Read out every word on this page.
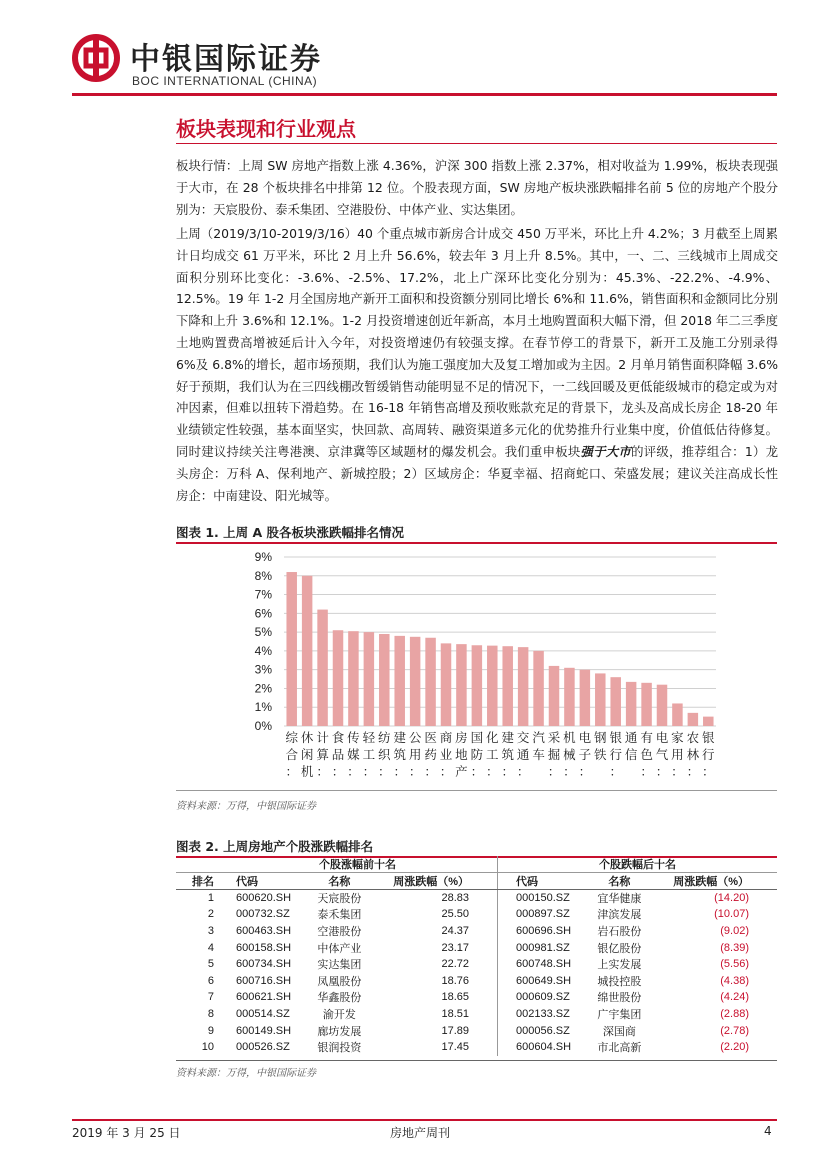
中银国际证券
BOC INTERNATIONAL (CHINA)
板块表现和行业观点

板块行情：上周 SW 房地产指数上涨 4.36%，沪深 300 指数上涨 2.37%，相对收益为 1.99%，板块表现强于大市，在 28 个板块排名中排第 12 位。个股表现方面，SW 房地产板块涨跌幅排名前 5 位的房地产个股分别为：天宸股份、泰禾集团、空港股份、中体产业、实达集团。

上周（2019/3/10-2019/3/16）40 个重点城市新房合计成交 450 万平米，环比上升 4.2%；3 月截至上周累计日均成交 61 万平米，环比 2 月上升 56.6%，较去年 3 月上升 8.5%。其中，一、二、三线城市上周成交面积分别环比变化：-3.6%、-2.5%、17.2%，北上广深环比变化分别为：45.3%、-22.2%、-4.9%、12.5%。19 年 1-2 月全国房地产新开工面积和投资额分别同比增长 6%和 11.6%，销售面积和金额同比分别下降和上升 3.6%和 12.1%。1-2 月投资增速创近年新高，本月土地购置面积大幅下滑，但 2018 年二三季度土地购置费高增被延后计入今年，对投资增速仍有较强支撑。在春节停工的背景下，新开工及施工分别录得 6%及 6.8%的增长，超市场预期，我们认为施工强度加大及复工增加或为主因。2 月单月销售面积降幅 3.6%好于预期，我们认为在三四线棚改暂缓销售动能明显不足的情况下，一二线回暖及更低能级城市的稳定或为对冲因素，但难以扭转下滑趋势。在 16-18 年销售高增及预收账款充足的背景下，龙头及高成长房企 18-20 年业绩锁定性较强，基本面坚实，快回款、高周转、融资渠道多元化的优势推升行业集中度，价值低估待修复。同时建议持续关注粤港澳、京津冀等区域题材的爆发机会。我们重申板块强于大市的评级，推荐组合：1）龙头房企：万科 A、保利地产、新城控股；2）区域房企：华夏幸福、招商蛇口、荣盛发展；建议关注高成长性房企：中南建设、阳光城等。

图表 1. 上周 A 股各板块涨跌幅排名情况
0%
1%
2%
3%
4%
5%
6%
7%
8%
9%
综
合
：
休
闲
机
计
算
：
食
品
：
传
媒
：
轻
工
：
纺
织
：
建
筑
：
公
用
：
医
药
：
商
业
：
房
地
产
国
防
：
化
工
：
建
筑
：
交
通
：
汽
车
采
掘
：
机
械
：
电
子
：
钢
铁
银
行
：
通
信
有
色
：
电
气
：
家
用
：
农
林
：
银
行
：
资料来源：万得，中银国际证券
图表 2. 上周房地产个股涨跌幅排名
	个股涨幅前十名			个股跌幅后十名		
排名	代码	名称	周涨跌幅（%）	代码	名称	周涨跌幅（%）
1	600620.SH	天宸股份	28.83	000150.SZ	宜华健康	(14.20)
2	000732.SZ	泰禾集团	25.50	000897.SZ	津滨发展	(10.07)
3	600463.SH	空港股份	24.37	600696.SH	岩石股份	(9.02)
4	600158.SH	中体产业	23.17	000981.SZ	银亿股份	(8.39)
5	600734.SH	实达集团	22.72	600748.SH	上实发展	(5.56)
6	600716.SH	凤凰股份	18.76	600649.SH	城投控股	(4.38)
7	600621.SH	华鑫股份	18.65	000609.SZ	绵世股份	(4.24)
8	000514.SZ	渝开发	18.51	002133.SZ	广宇集团	(2.88)
9	600149.SH	廊坊发展	17.89	000056.SZ	深国商	(2.78)
10	000526.SZ	银润投资	17.45	600604.SH	市北高新	(2.20)
资料来源：万得，中银国际证券
2019 年 3 月 25 日	房地产周刊	4
